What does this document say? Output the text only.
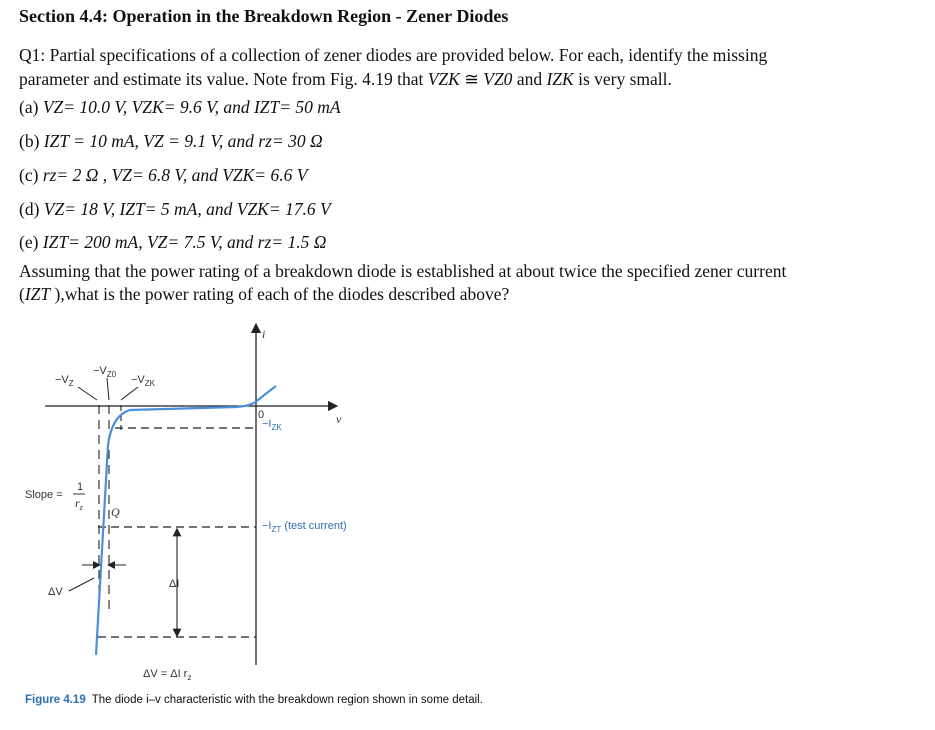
Section 4.4: Operation in the Breakdown Region - Zener Diodes
Q1: Partial specifications of a collection of zener diodes are provided below. For each, identify the missing
parameter and estimate its value. Note from Fig. 4.19 that VZK ≅ VZ0 and IZK is very small.
(a) VZ= 10.0 V, VZK= 9.6 V, and IZT= 50 mA
(b) IZT = 10 mA, VZ = 9.1 V, and rz= 30 Ω
(c) rz= 2 Ω , VZ= 6.8 V, and VZK= 6.6 V
(d) VZ= 18 V, IZT= 5 mA, and VZK= 17.6 V
(e) IZT= 200 mA, VZ= 7.5 V, and rz= 1.5 Ω
Assuming that the power rating of a breakdown diode is established at about twice the specified zener current
(IZT ),what is the power rating of each of the diodes described above?
i
v
0
$-V_Z$
$-V_{Z0} -V_{ZK}$
$-I_{ZK}$
$-I_{ZT}$ (test current)
Slope =
1
$r_z$ Q
ΔV
ΔI
ΔV = ΔI $r_z$
Figure 4.19 The diode i–v characteristic with the breakdown region shown in some detail.
